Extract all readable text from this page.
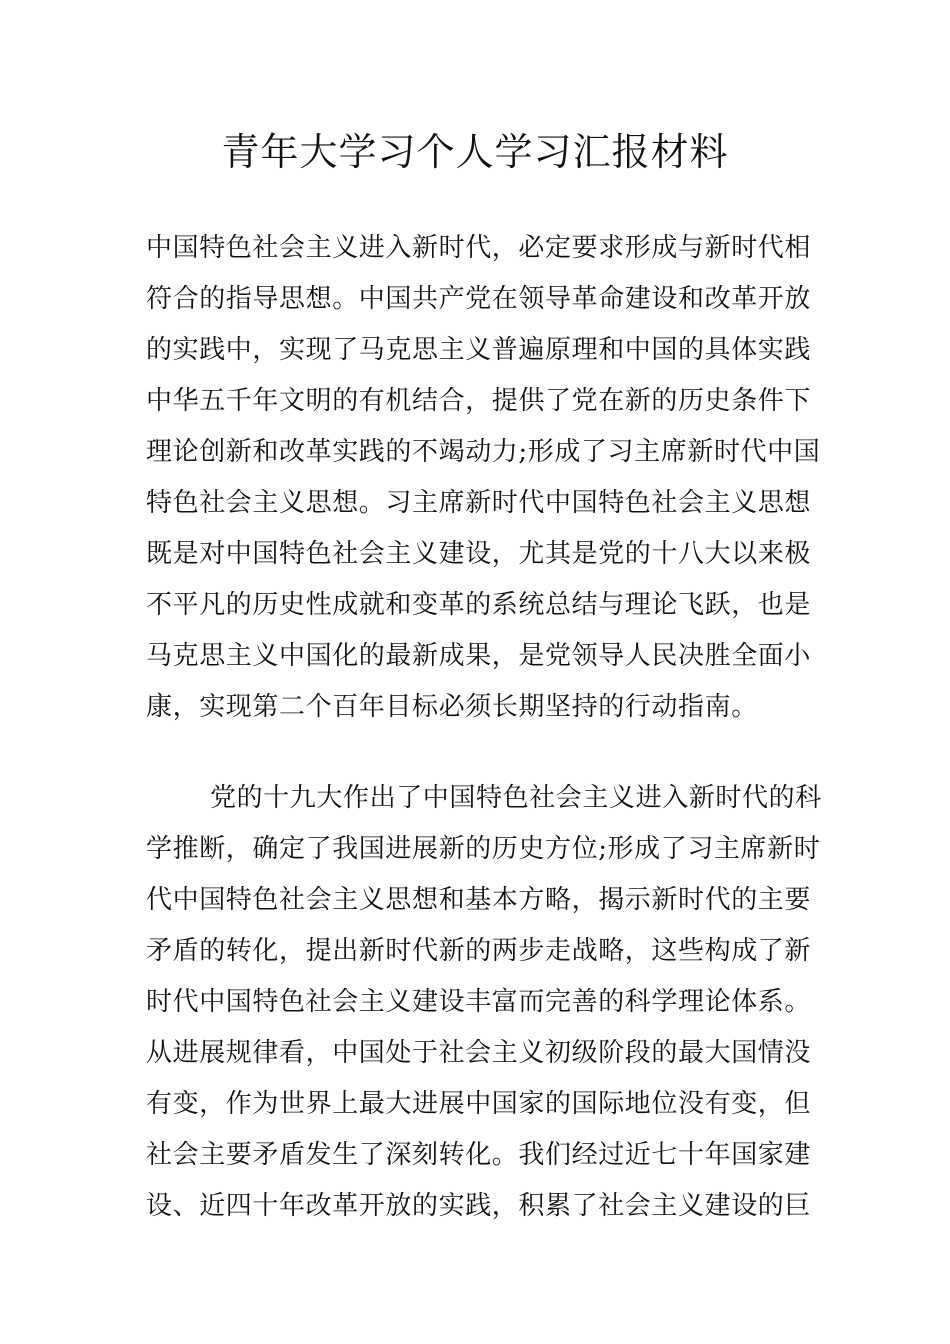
青年大学习个人学习汇报材料
中国特色社会主义进入新时代，必定要求形成与新时代相
符合的指导思想。中国共产党在领导革命建设和改革开放
的实践中，实现了马克思主义普遍原理和中国的具体实践
中华五千年文明的有机结合，提供了党在新的历史条件下
理论创新和改革实践的不竭动力;形成了习主席新时代中国
特色社会主义思想。习主席新时代中国特色社会主义思想
既是对中国特色社会主义建设，尤其是党的十八大以来极
不平凡的历史性成就和变革的系统总结与理论飞跃，也是
马克思主义中国化的最新成果，是党领导人民决胜全面小
康，实现第二个百年目标必须长期坚持的行动指南。
党的十九大作出了中国特色社会主义进入新时代的科
学推断，确定了我国进展新的历史方位;形成了习主席新时
代中国特色社会主义思想和基本方略，揭示新时代的主要
矛盾的转化，提出新时代新的两步走战略，这些构成了新
时代中国特色社会主义建设丰富而完善的科学理论体系。
从进展规律看，中国处于社会主义初级阶段的最大国情没
有变，作为世界上最大进展中国家的国际地位没有变，但
社会主要矛盾发生了深刻转化。我们经过近七十年国家建
设、近四十年改革开放的实践，积累了社会主义建设的巨
